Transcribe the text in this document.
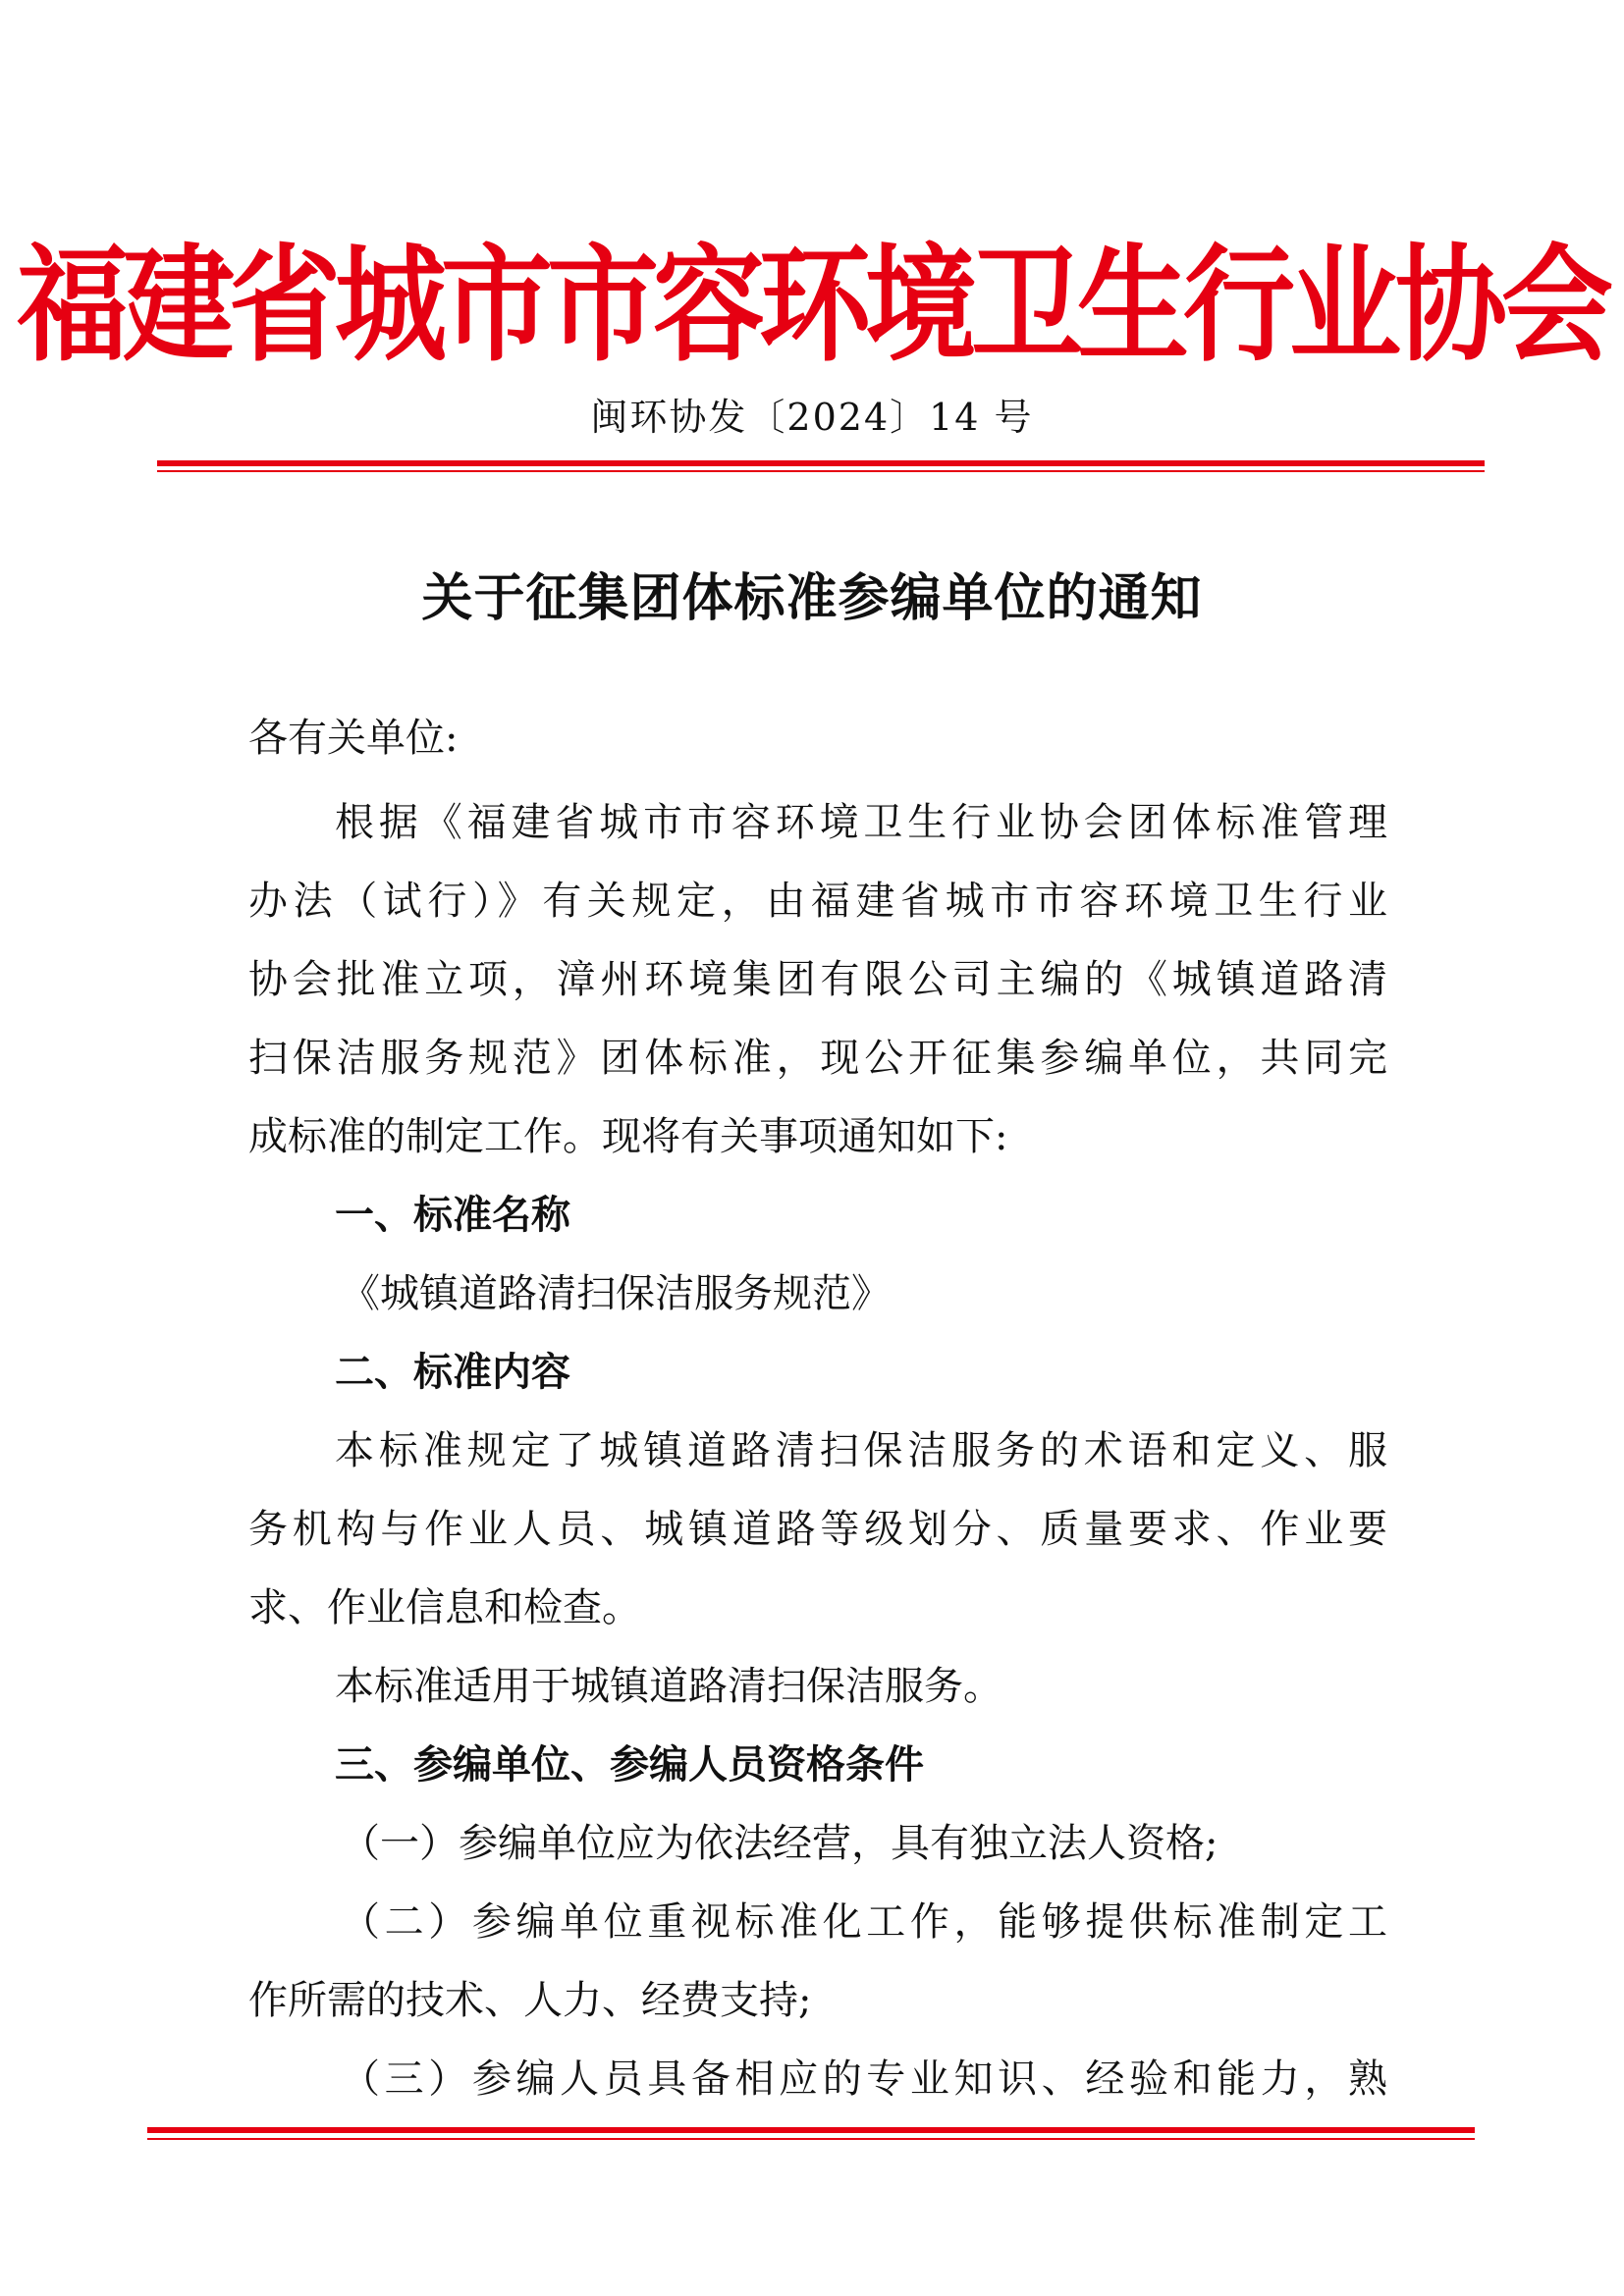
福建省城市市容环境卫生行业协会
闽环协发〔2024〕14 号
关于征集团体标准参编单位的通知
各有关单位:
根据《福建省城市市容环境卫生行业协会团体标准管理
办法（试行）》有关规定，由福建省城市市容环境卫生行业
协会批准立项，漳州环境集团有限公司主编的《城镇道路清
扫保洁服务规范》团体标准，现公开征集参编单位，共同完
成标准的制定工作。现将有关事项通知如下:
一、标准名称
《城镇道路清扫保洁服务规范》
二、标准内容
本标准规定了城镇道路清扫保洁服务的术语和定义、服
务机构与作业人员、城镇道路等级划分、质量要求、作业要
求、作业信息和检查。
本标准适用于城镇道路清扫保洁服务。
三、参编单位、参编人员资格条件
（一）参编单位应为依法经营，具有独立法人资格;
（二）参编单位重视标准化工作，能够提供标准制定工
作所需的技术、人力、经费支持;
（三）参编人员具备相应的专业知识、经验和能力，熟
